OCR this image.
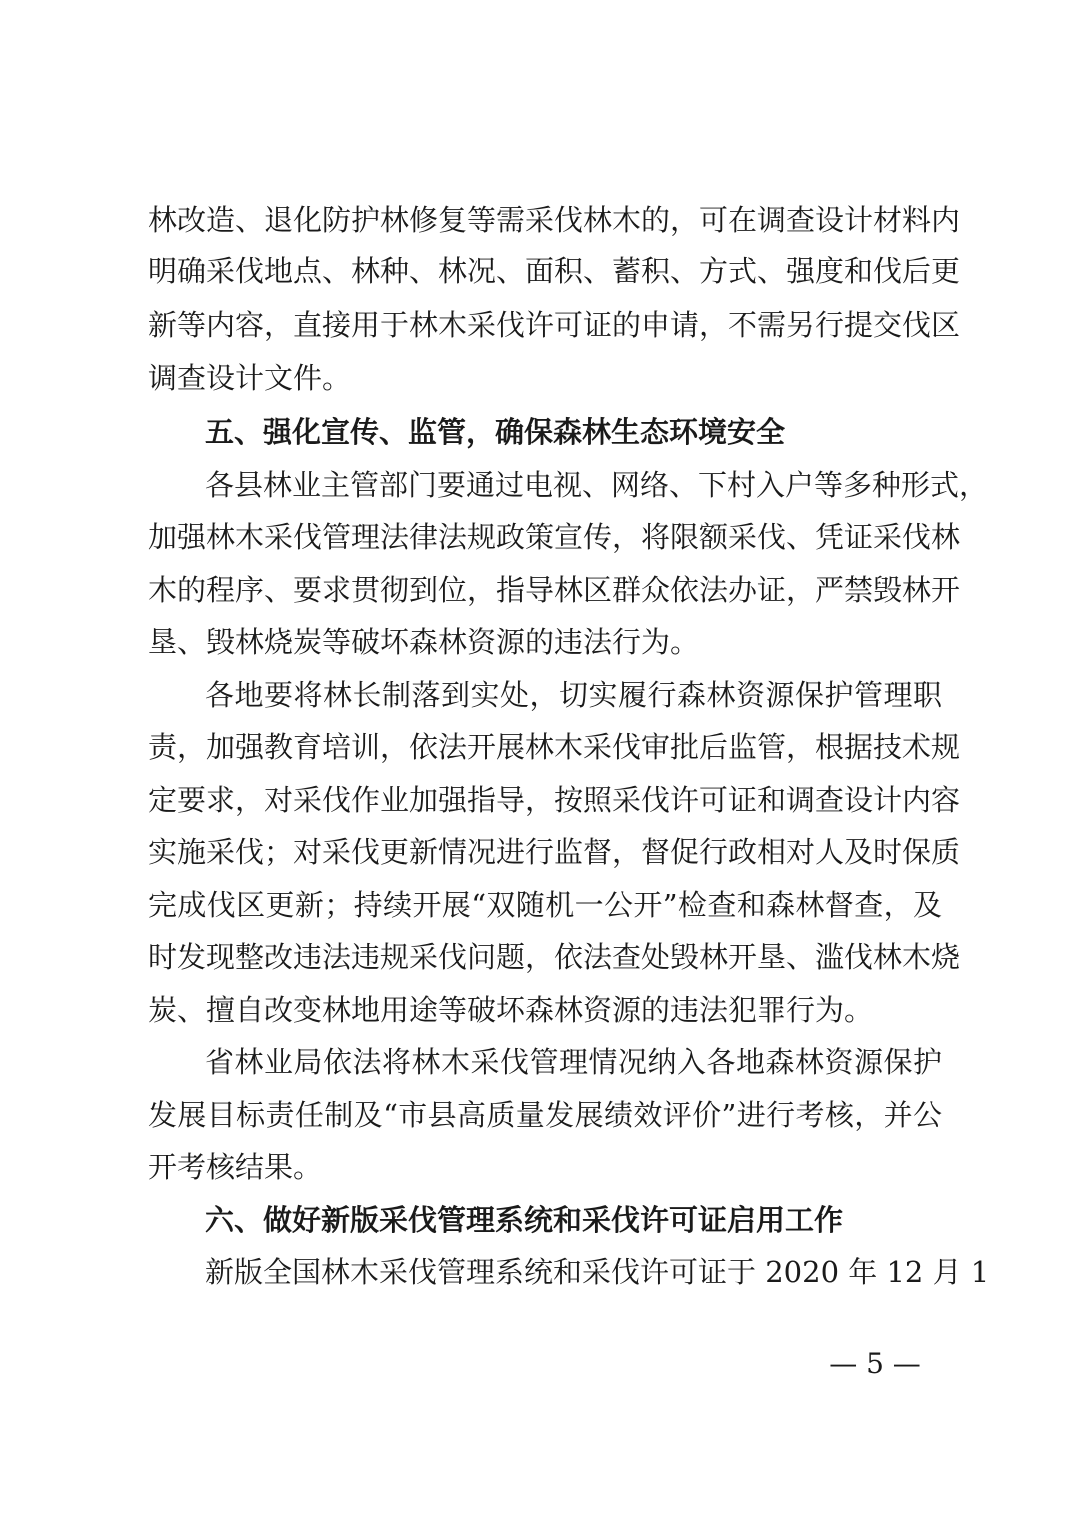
林改造、退化防护林修复等需采伐林木的，可在调查设计材料内
明确采伐地点、林种、林况、面积、蓄积、方式、强度和伐后更
新等内容，直接用于林木采伐许可证的申请，不需另行提交伐区
调查设计文件。
五、强化宣传、监管，确保森林生态环境安全
各县林业主管部门要通过电视、网络、下村入户等多种形式，
加强林木采伐管理法律法规政策宣传，将限额采伐、凭证采伐林
木的程序、要求贯彻到位，指导林区群众依法办证，严禁毁林开
垦、毁林烧炭等破坏森林资源的违法行为。
各地要将林长制落到实处，切实履行森林资源保护管理职
责，加强教育培训，依法开展林木采伐审批后监管，根据技术规
定要求，对采伐作业加强指导，按照采伐许可证和调查设计内容
实施采伐；对采伐更新情况进行监督，督促行政相对人及时保质
完成伐区更新；持续开展“双随机一公开”检查和森林督查，及
时发现整改违法违规采伐问题，依法查处毁林开垦、滥伐林木烧
炭、擅自改变林地用途等破坏森林资源的违法犯罪行为。
省林业局依法将林木采伐管理情况纳入各地森林资源保护
发展目标责任制及“市县高质量发展绩效评价”进行考核，并公
开考核结果。
六、做好新版采伐管理系统和采伐许可证启用工作
新版全国林木采伐管理系统和采伐许可证于 2020 年 12 月 1
— 5 —
